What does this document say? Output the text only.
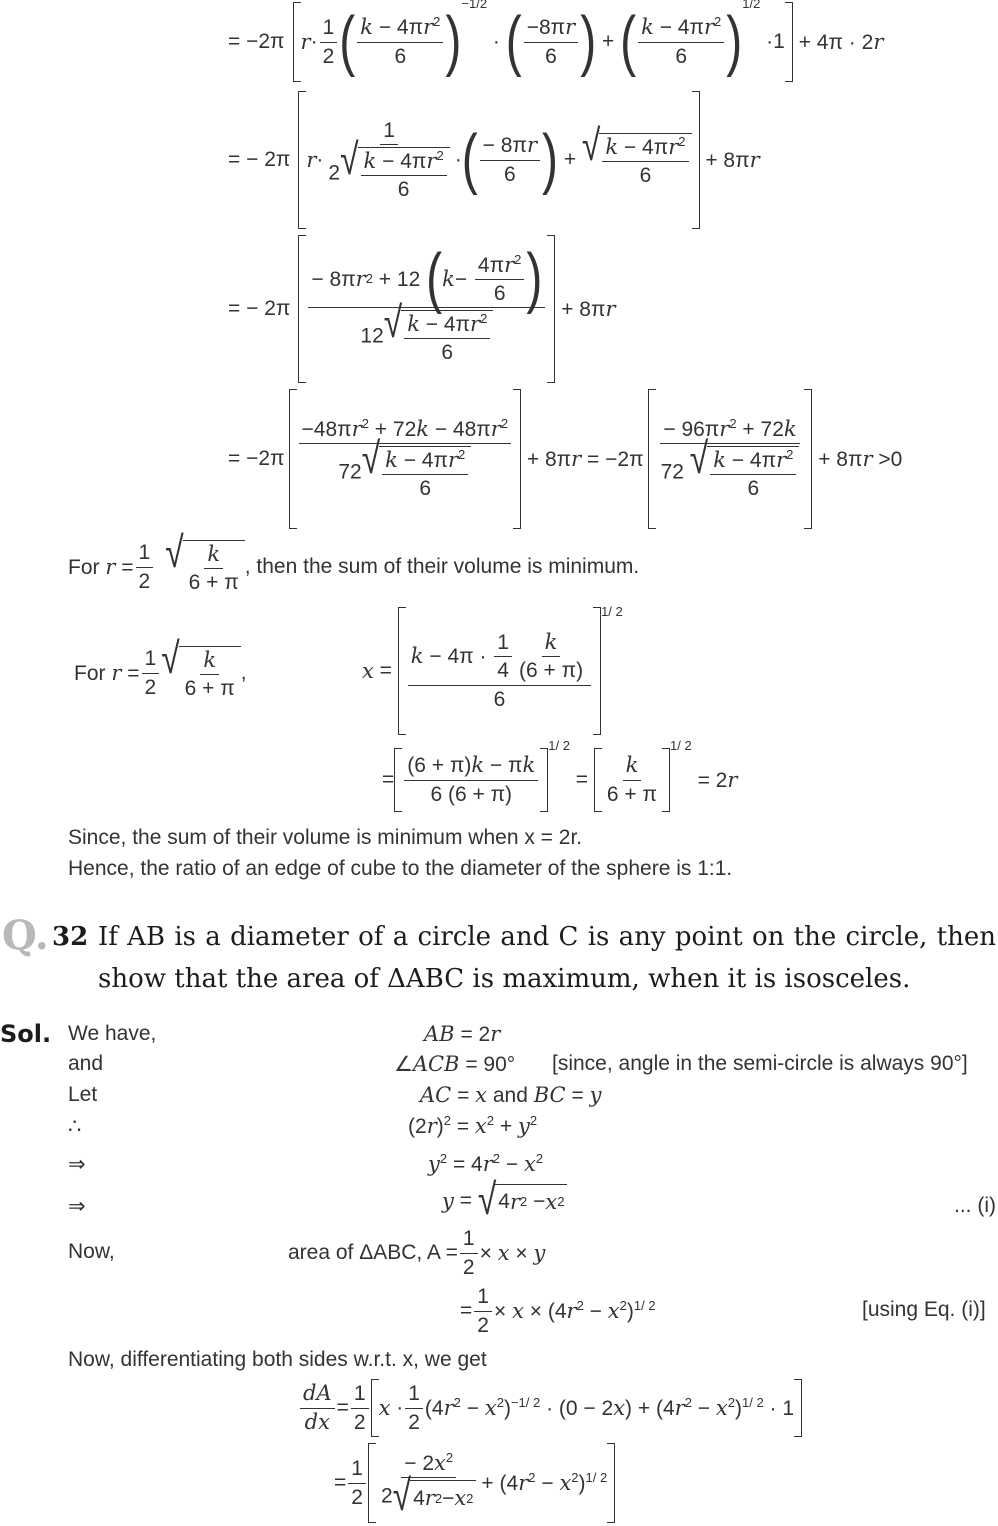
= −2π $r \cdot \frac{1}{2}$ ( $\frac{k - 4\pi r^2}{6}$ )
−1/2
· ( $\frac{-8\pi r}{6}$ ) + ( $\frac{k - 4\pi r^2}{6}$ )
1/2
·1 + 4π · 2r
= − 2π $r \cdot \frac{1}{2 √ \frac{k - 4\pi r^2}{6}}$ · ( $\frac{- 8\pi r}{6}$ ) + √ $\frac{k - 4\pi r^2}{6} + 8\pi r$
= − $2\pi \frac{- 8\pi r 2 + 12 ( k - \frac{4\pi r^2}{6} )}{12 √ \frac{k - 4\pi r^2}{6}} + 8\pi r$
= $-2\pi \frac{-48\pi r^2 + 72k - 48\pi r^2}{72 √ \frac{k - 4\pi r^2}{6}} + 8\pi r = -2\pi \frac{- 96\pi r^2 + 72k}{72 √ \frac{k - 4\pi r^2}{6}} + 8\pi r >0$
For $r = \frac{1}{2}$ √ $\frac{k}{6 + \pi}$ , then the sum of their volume is minimum.
For $r = \frac{1}{2}$ √ $\frac{k}{6 + \pi}$ ,	$x = \frac{k - 4\pi \cdot \frac{1}{4} \frac{k}{(6 + \pi)}}{6}$
1/ 2
= $\frac{(6 + \pi)k - \pi k}{6 (6 + \pi)}$
1/ 2
= $\frac{k}{6 + \pi}$
1/ 2
= 2r
Since, the sum of their volume is minimum when x = 2r.
Hence, the ratio of an edge of cube to the diameter of the sphere is 1:1.
Q. 32 If AB is a diameter of a circle and C is any point on the circle, then
show that the area of ΔABC is maximum, when it is isosceles.
Sol. We have,	AB = 2r
and	∠ACB = 90° [since, angle in the semi-circle is always 90°]
Let	AC = x and BC = y
∴	$(2r)^2 = x^2 + y^2$
⇒	$y^2 = 4r^2 - x^2$
⇒	y = √ 4 r 2 − x 2	... (i)
Now,	area of ΔABC, $A = \frac{1}{2} \times x \times y$
= $\frac{1}{2} \times x \times (4r^2 - x^2)^{1/ 2}$	[using Eq. (i)]
Now, differentiating both sides w.r.t. x, we get
$\frac{dA}{dx} = \frac{1}{2}$ $x \cdot \frac{1}{2} (4r^2 - x^2)^{-1/ 2} \cdot (0 - 2x) + (4r^2 - x^2)^{1/ 2} \cdot 1$
= $\frac{1}{2} \frac{- 2x^2}{2 √ 4 r 2 - x 2} + (4r^2 - x^2)^{1/ 2}$
